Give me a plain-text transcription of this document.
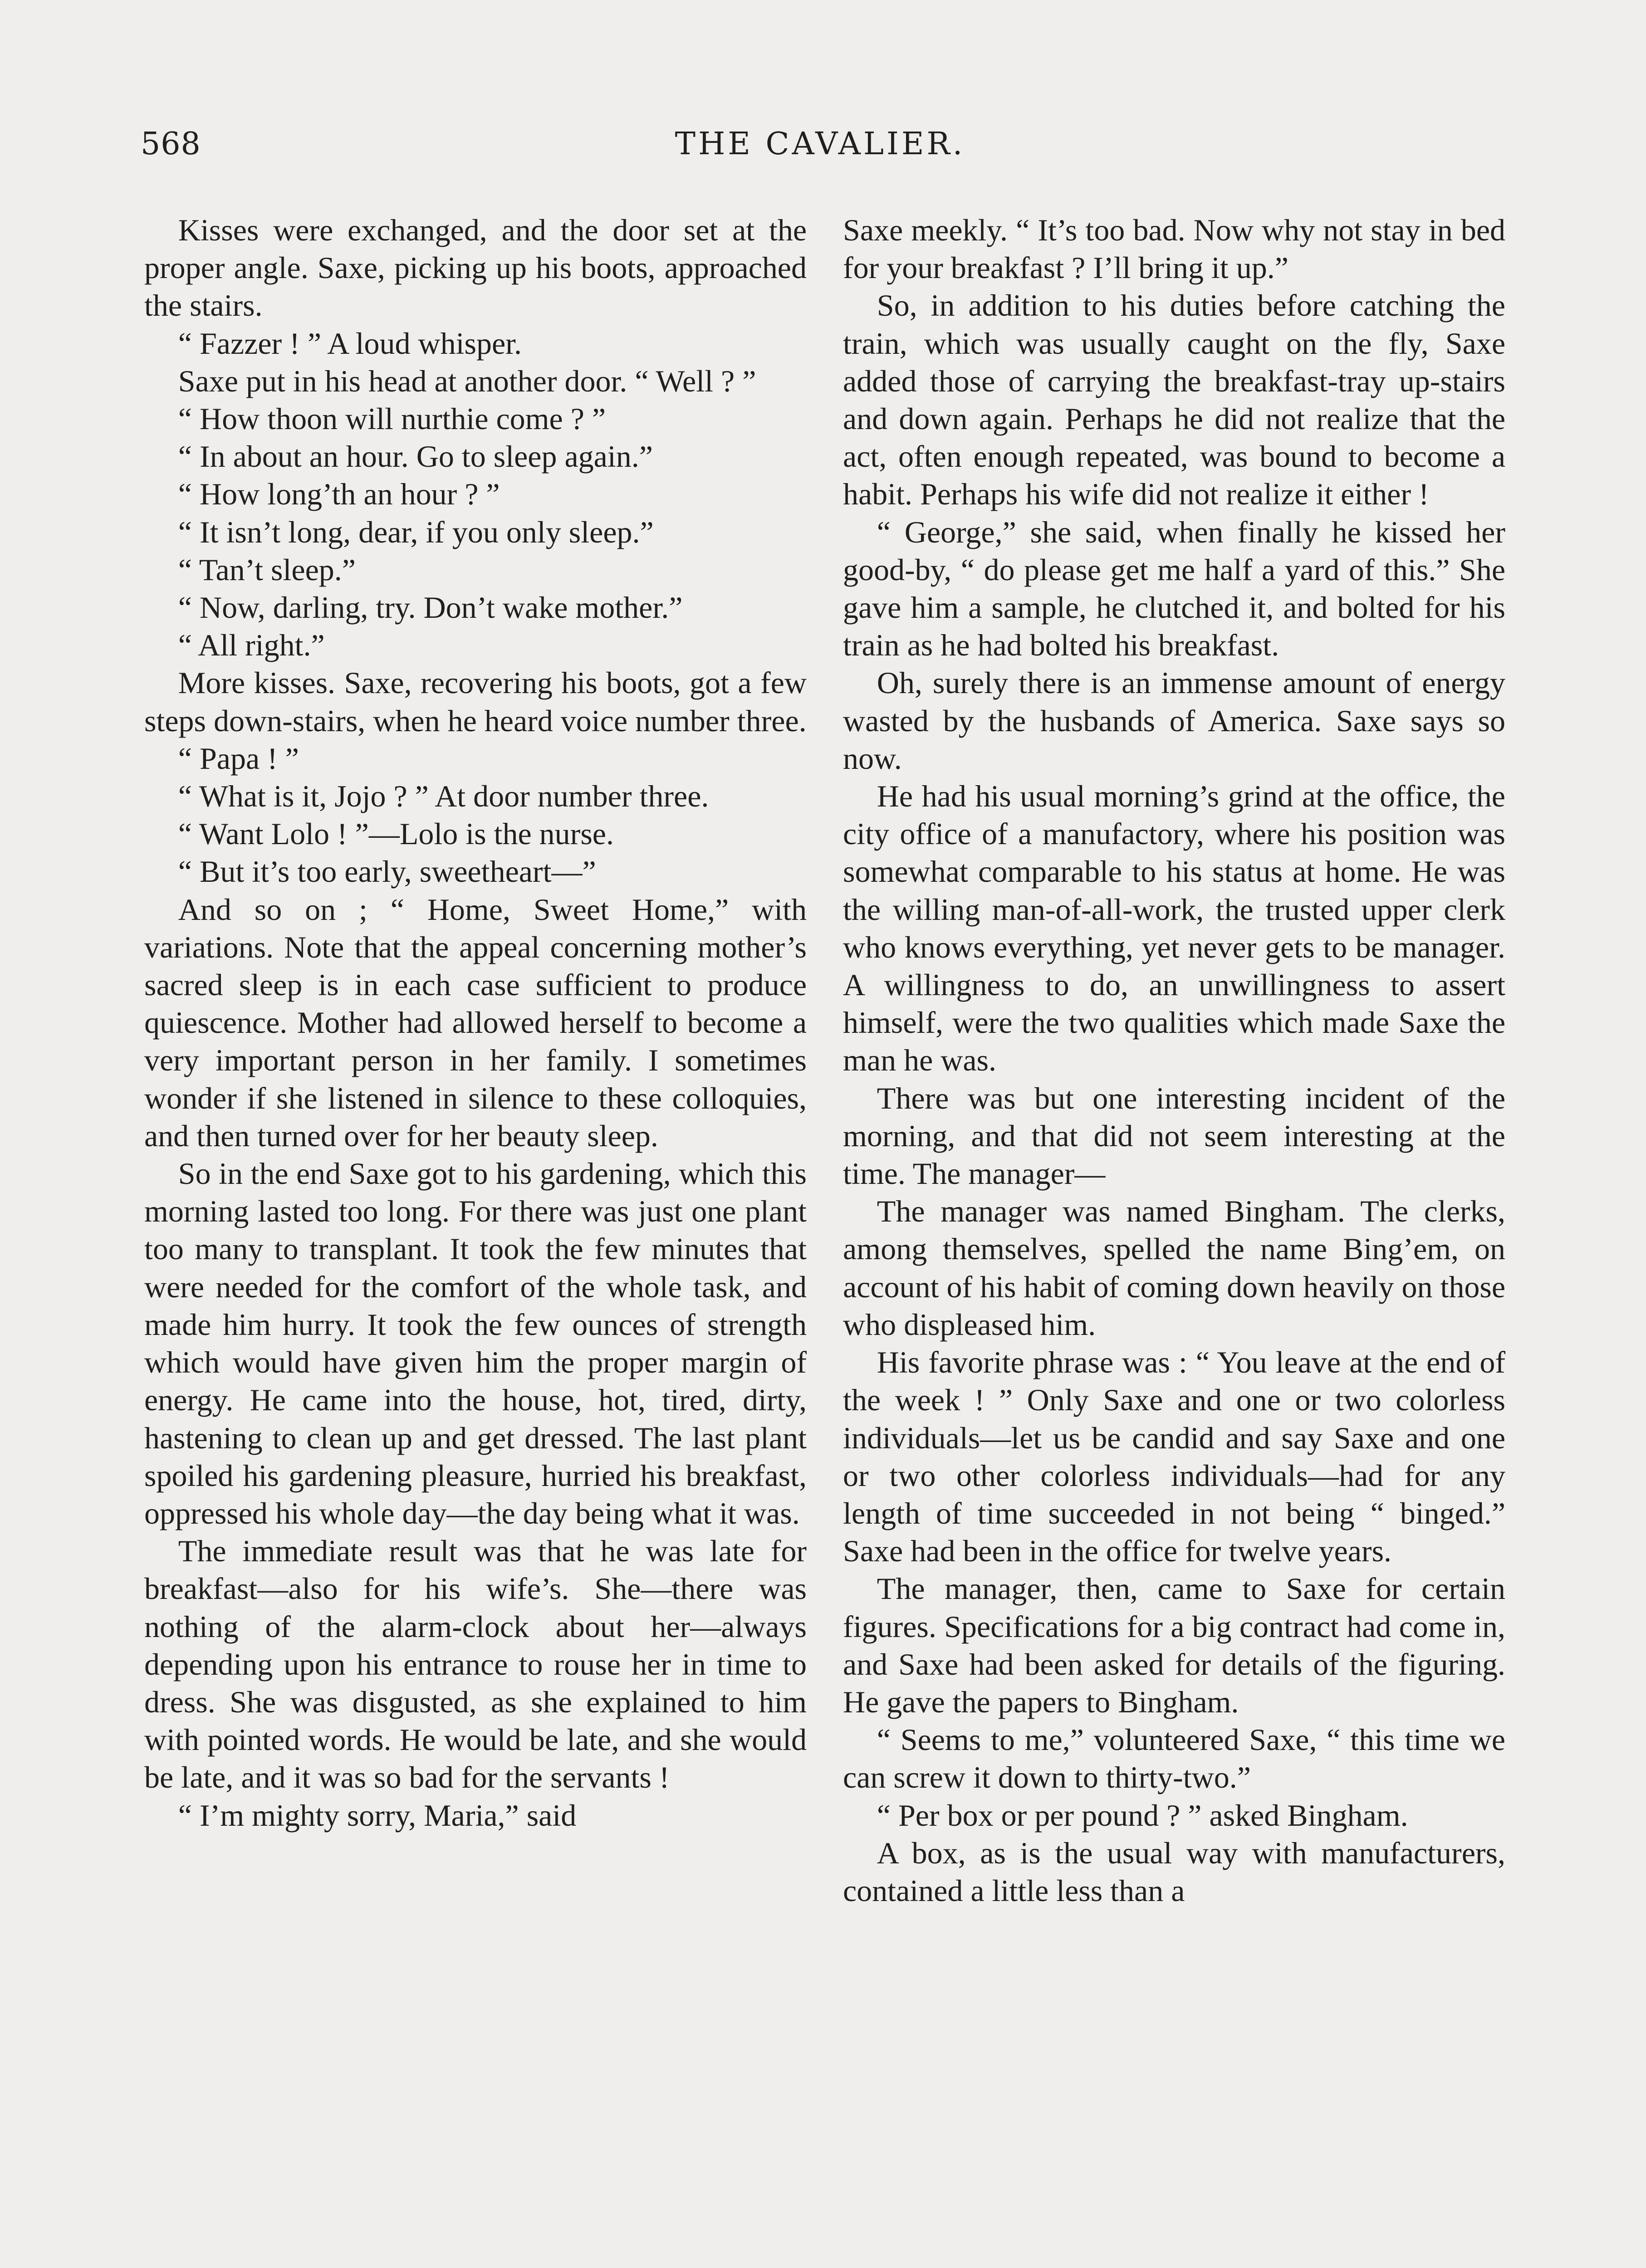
568	THE CAVALIER.

Kisses were exchanged, and the door set at the proper angle. Saxe, picking up his boots, approached the stairs.

“ Fazzer ! ” A loud whisper.

Saxe put in his head at another door. “ Well ? ”

“ How thoon will nurthie come ? ”

“ In about an hour. Go to sleep again.”

“ How long’th an hour ? ”

“ It isn’t long, dear, if you only sleep.”

“ Tan’t sleep.”

“ Now, darling, try. Don’t wake mother.”

“ All right.”

More kisses. Saxe, recovering his boots, got a few steps down-stairs, when he heard voice number three.

“ Papa ! ”

“ What is it, Jojo ? ” At door number three.

“ Want Lolo ! ”—Lolo is the nurse.

“ But it’s too early, sweetheart—”

And so on ; “ Home, Sweet Home,” with variations. Note that the appeal concerning mother’s sacred sleep is in each case sufficient to produce quiescence. Mother had allowed herself to become a very important person in her family. I sometimes wonder if she listened in silence to these colloquies, and then turned over for her beauty sleep.

So in the end Saxe got to his gardening, which this morning lasted too long. For there was just one plant too many to transplant. It took the few minutes that were needed for the comfort of the whole task, and made him hurry. It took the few ounces of strength which would have given him the proper margin of energy. He came into the house, hot, tired, dirty, hastening to clean up and get dressed. The last plant spoiled his gardening pleasure, hurried his breakfast, oppressed his whole day—the day being what it was.

The immediate result was that he was late for breakfast—also for his wife’s. She—there was nothing of the alarm-clock about her—always depending upon his entrance to rouse her in time to dress. She was disgusted, as she explained to him with pointed words. He would be late, and she would be late, and it was so bad for the servants !

“ I’m mighty sorry, Maria,” said

Saxe meekly. “ It’s too bad. Now why not stay in bed for your breakfast ? I’ll bring it up.”

So, in addition to his duties before catching the train, which was usually caught on the fly, Saxe added those of carrying the breakfast-tray up-stairs and down again. Perhaps he did not realize that the act, often enough repeated, was bound to become a habit. Perhaps his wife did not realize it either !

“ George,” she said, when finally he kissed her good-by, “ do please get me half a yard of this.” She gave him a sample, he clutched it, and bolted for his train as he had bolted his breakfast.

Oh, surely there is an immense amount of energy wasted by the husbands of America. Saxe says so now.

He had his usual morning’s grind at the office, the city office of a manufactory, where his position was somewhat comparable to his status at home. He was the willing man-of-all-work, the trusted upper clerk who knows everything, yet never gets to be manager. A willingness to do, an unwillingness to assert himself, were the two qualities which made Saxe the man he was.

There was but one interesting incident of the morning, and that did not seem interesting at the time. The manager—

The manager was named Bingham. The clerks, among themselves, spelled the name Bing’em, on account of his habit of coming down heavily on those who displeased him.

His favorite phrase was : “ You leave at the end of the week ! ” Only Saxe and one or two colorless individuals—let us be candid and say Saxe and one or two other colorless individuals—had for any length of time succeeded in not being “ binged.” Saxe had been in the office for twelve years.

The manager, then, came to Saxe for certain figures. Specifications for a big contract had come in, and Saxe had been asked for details of the figuring. He gave the papers to Bingham.

“ Seems to me,” volunteered Saxe, “ this time we can screw it down to thirty-two.”

“ Per box or per pound ? ” asked Bingham.

A box, as is the usual way with manufacturers, contained a little less than a
